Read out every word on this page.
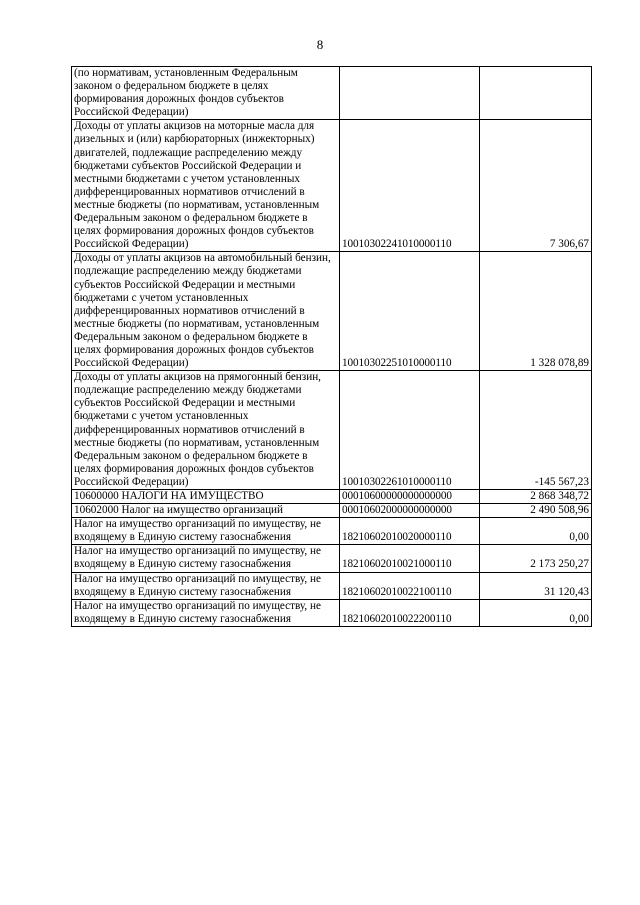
8
(по нормативам, установленным Федеральным законом о федеральном бюджете в целях формирования дорожных фондов субъектов Российской Федерации)		
Доходы от уплаты акцизов на моторные масла для дизельных и (или) карбюраторных (инжекторных) двигателей, подлежащие распределению между бюджетами субъектов Российской Федерации и местными бюджетами с учетом установленных дифференцированных нормативов отчислений в местные бюджеты (по нормативам, установленным Федеральным законом о федеральном бюджете в целях формирования дорожных фондов субъектов Российской Федерации)	10010302241010000110	7 306,67
Доходы от уплаты акцизов на автомобильный бензин, подлежащие распределению между бюджетами субъектов Российской Федерации и местными бюджетами с учетом установленных дифференцированных нормативов отчислений в местные бюджеты (по нормативам, установленным Федеральным законом о федеральном бюджете в целях формирования дорожных фондов субъектов Российской Федерации)	10010302251010000110	1 328 078,89
Доходы от уплаты акцизов на прямогонный бензин, подлежащие распределению между бюджетами субъектов Российской Федерации и местными бюджетами с учетом установленных дифференцированных нормативов отчислений в местные бюджеты (по нормативам, установленным Федеральным законом о федеральном бюджете в целях формирования дорожных фондов субъектов Российской Федерации)	10010302261010000110	-145 567,23
10600000 НАЛОГИ НА ИМУЩЕСТВО	00010600000000000000	2 868 348,72
10602000 Налог на имущество организаций	00010602000000000000	2 490 508,96
Налог на имущество организаций по имуществу, не входящему в Единую систему газоснабжения	18210602010020000110	0,00
Налог на имущество организаций по имуществу, не входящему в Единую систему газоснабжения	18210602010021000110	2 173 250,27
Налог на имущество организаций по имуществу, не входящему в Единую систему газоснабжения	18210602010022100110	31 120,43
Налог на имущество организаций по имуществу, не входящему в Единую систему газоснабжения	18210602010022200110	0,00
